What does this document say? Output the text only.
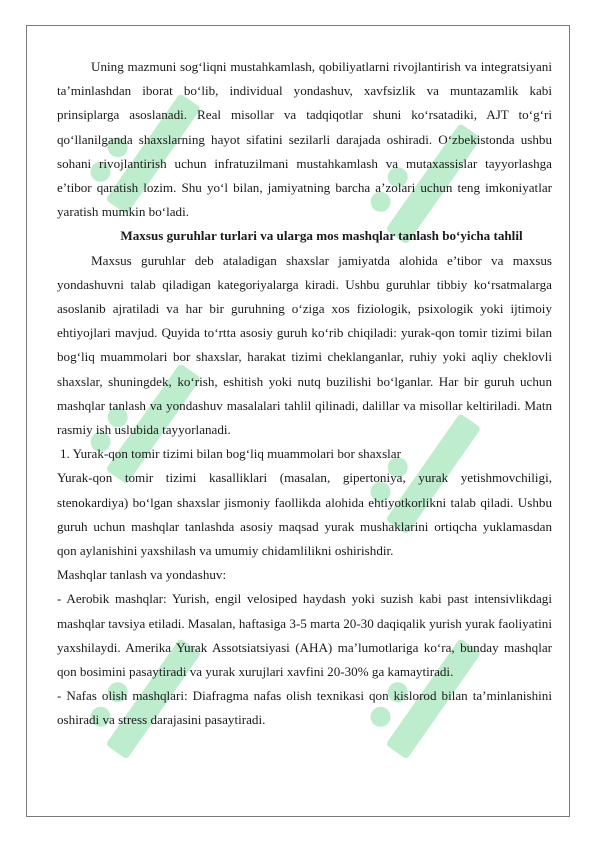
Uning mazmuni sog‘liqni mustahkamlash, qobiliyatlarni rivojlantirish va integratsiyani ta’minlashdan iborat bo‘lib, individual yondashuv, xavfsizlik va muntazamlik kabi prinsiplarga asoslanadi. Real misollar va tadqiqotlar shuni ko‘rsatadiki, AJT to‘g‘ri qo‘llanilganda shaxslarning hayot sifatini sezilarli darajada oshiradi. O‘zbekistonda ushbu sohani rivojlantirish uchun infratuzilmani mustahkamlash va mutaxassislar tayyorlashga e’tibor qaratish lozim. Shu yo‘l bilan, jamiyatning barcha a’zolari uchun teng imkoniyatlar yaratish mumkin bo‘ladi.

Maxsus guruhlar turlari va ularga mos mashqlar tanlash bo‘yicha tahlil

Maxsus guruhlar deb ataladigan shaxslar jamiyatda alohida e’tibor va maxsus yondashuvni talab qiladigan kategoriyalarga kiradi. Ushbu guruhlar tibbiy ko‘rsatmalarga asoslanib ajratiladi va har bir guruhning o‘ziga xos fiziologik, psixologik yoki ijtimoiy ehtiyojlari mavjud. Quyida to‘rtta asosiy guruh ko‘rib chiqiladi: yurak-qon tomir tizimi bilan bog‘liq muammolari bor shaxslar, harakat tizimi cheklanganlar, ruhiy yoki aqliy cheklovli shaxslar, shuningdek, ko‘rish, eshitish yoki nutq buzilishi bo‘lganlar. Har bir guruh uchun mashqlar tanlash va yondashuv masalalari tahlil qilinadi, dalillar va misollar keltiriladi. Matn rasmiy ish uslubida tayyorlanadi.

1. Yurak-qon tomir tizimi bilan bog‘liq muammolari bor shaxslar

Yurak-qon tomir tizimi kasalliklari (masalan, gipertoniya, yurak yetishmovchiligi, stenokardiya) bo‘lgan shaxslar jismoniy faollikda alohida ehtiyotkorlikni talab qiladi. Ushbu guruh uchun mashqlar tanlashda asosiy maqsad yurak mushaklarini ortiqcha yuklamasdan qon aylanishini yaxshilash va umumiy chidamlilikni oshirishdir.

Mashqlar tanlash va yondashuv:

- Aerobik mashqlar: Yurish, engil velosiped haydash yoki suzish kabi past intensivlikdagi mashqlar tavsiya etiladi. Masalan, haftasiga 3-5 marta 20-30 daqiqalik yurish yurak faoliyatini yaxshilaydi. Amerika Yurak Assotsiatsiyasi (AHA) ma’lumotlariga ko‘ra, bunday mashqlar qon bosimini pasaytiradi va yurak xurujlari xavfini 20-30% ga kamaytiradi.

- Nafas olish mashqlari: Diafragma nafas olish texnikasi qon kislorod bilan ta’minlanishini oshiradi va stress darajasini pasaytiradi.
